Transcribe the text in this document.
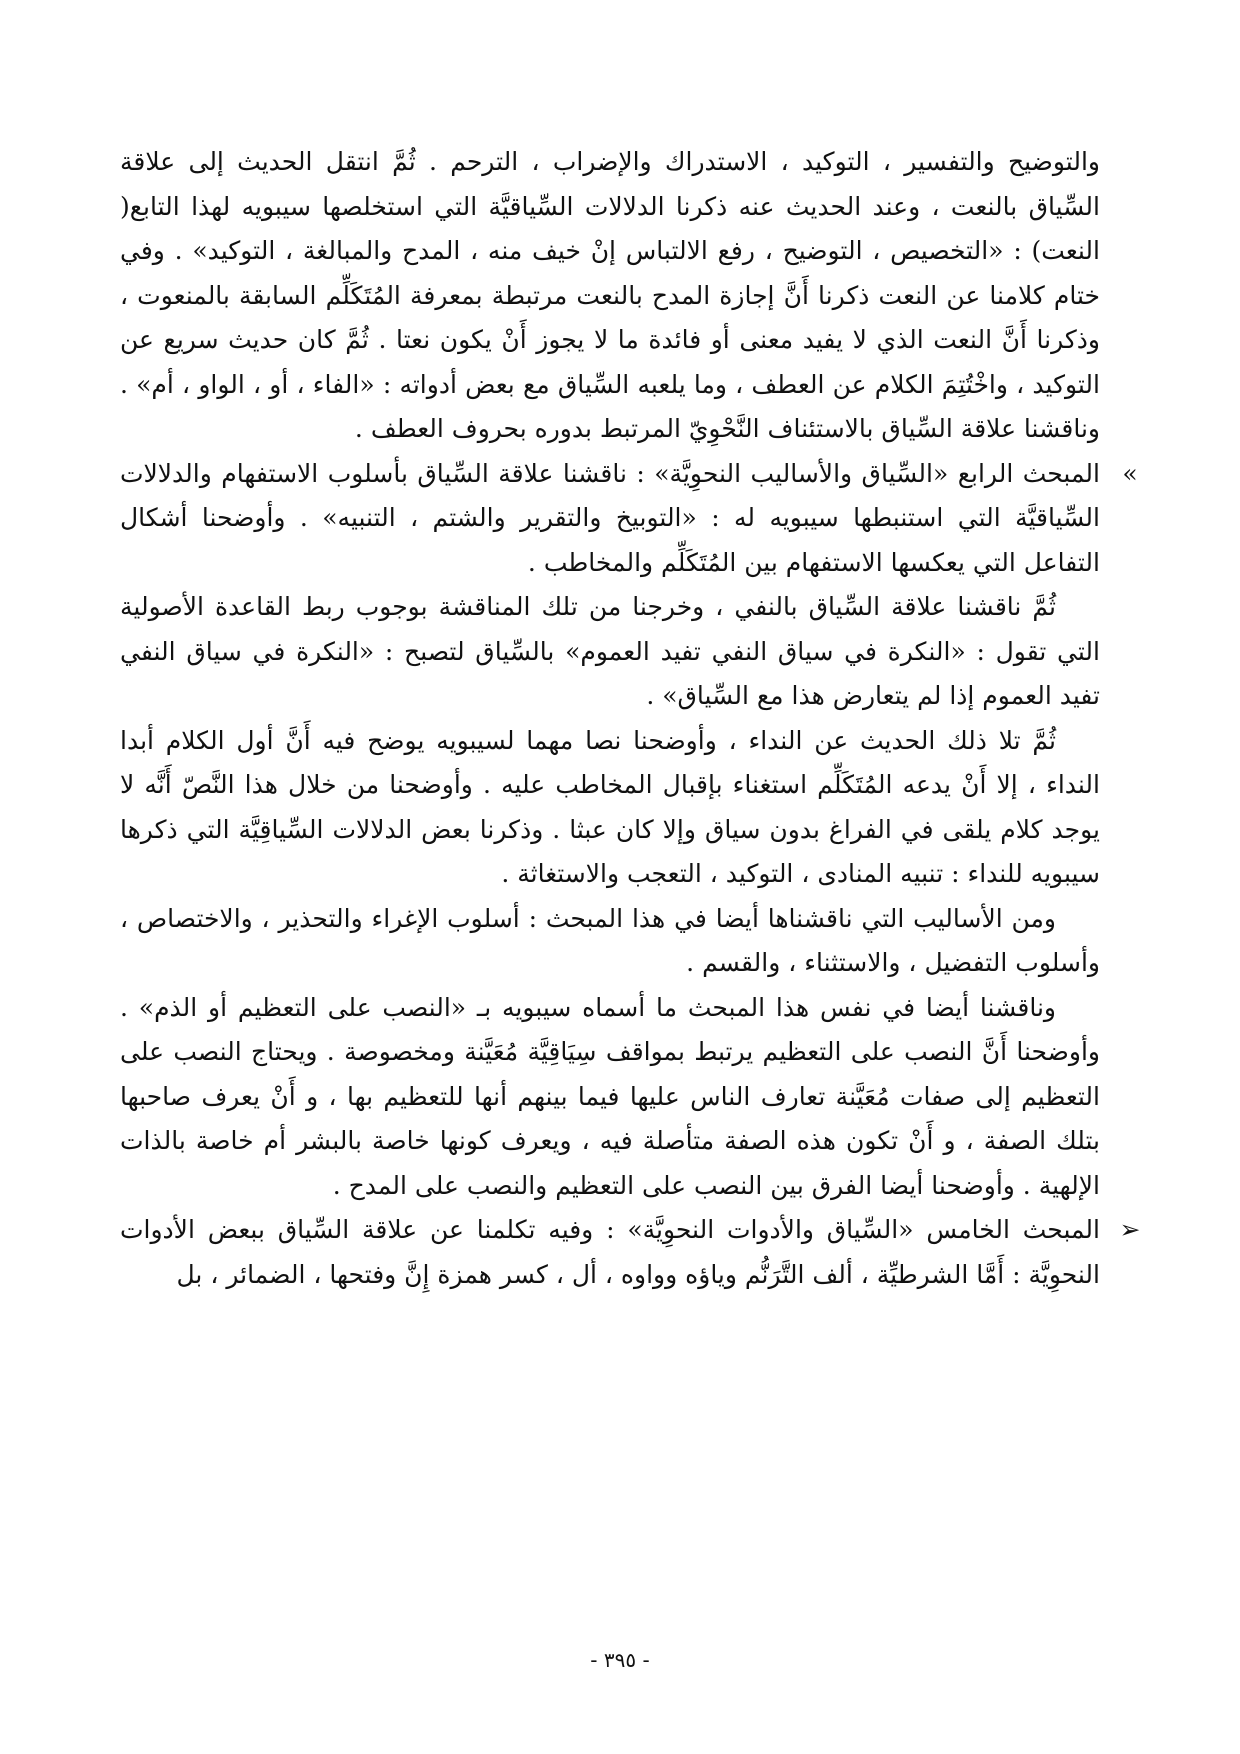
والتوضيح والتفسير ، التوكيد ، الاستدراك والإضراب ، الترحم . ثُمَّ انتقل الحديث إلى علاقة السِّياق بالنعت ، وعند الحديث عنه ذكرنا الدلالات السِّياقيَّة التي استخلصها سيبويه لهذا التابع( النعت) : «التخصيص ، التوضيح ، رفع الالتباس إنْ خيف منه ، المدح والمبالغة ، التوكيد» . وفي ختام كلامنا عن النعت ذكرنا أَنَّ إجازة المدح بالنعت مرتبطة بمعرفة المُتَكَلِّم السابقة بالمنعوت ، وذكرنا أَنَّ النعت الذي لا يفيد معنى أو فائدة ما لا يجوز أَنْ يكون نعتا . ثُمَّ كان حديث سريع عن التوكيد ، واخْتُتِمَ الكلام عن العطف ، وما يلعبه السِّياق مع بعض أدواته : «الفاء ، أو ، الواو ، أم» . وناقشنا علاقة السِّياق بالاستئناف النَّحْوِيّ المرتبط بدوره بحروف العطف .

»

المبحث الرابع «السِّياق والأساليب النحوِيَّة» : ناقشنا علاقة السِّياق بأسلوب الاستفهام والدلالات السِّياقيَّة التي استنبطها سيبويه له : «التوبيخ والتقرير والشتم ، التنبيه» . وأوضحنا أشكال التفاعل التي يعكسها الاستفهام بين المُتَكَلِّم والمخاطب .

ثُمَّ ناقشنا علاقة السِّياق بالنفي ، وخرجنا من تلك المناقشة بوجوب ربط القاعدة الأصولية التي تقول : «النكرة في سياق النفي تفيد العموم» بالسِّياق لتصبح : «النكرة في سياق النفي تفيد العموم إذا لم يتعارض هذا مع السِّياق» .

ثُمَّ تلا ذلك الحديث عن النداء ، وأوضحنا نصا مهما لسيبويه يوضح فيه أَنَّ أول الكلام أبدا النداء ، إلا أَنْ يدعه المُتَكَلِّم استغناء بإقبال المخاطب عليه . وأوضحنا من خلال هذا النَّصّ أَنَّه لا يوجد كلام يلقى في الفراغ بدون سياق وإلا كان عبثا . وذكرنا بعض الدلالات السِّياقِيَّة التي ذكرها سيبويه للنداء : تنبيه المنادى ، التوكيد ، التعجب والاستغاثة .

ومن الأساليب التي ناقشناها أيضا في هذا المبحث : أسلوب الإغراء والتحذير ، والاختصاص ، وأسلوب التفضيل ، والاستثناء ، والقسم .

وناقشنا أيضا في نفس هذا المبحث ما أسماه سيبويه بـ «النصب على التعظيم أو الذم» . وأوضحنا أَنَّ النصب على التعظيم يرتبط بمواقف سِيَاقِيَّة مُعَيَّنة ومخصوصة . ويحتاج النصب على التعظيم إلى صفات مُعَيَّنة تعارف الناس عليها فيما بينهم أنها للتعظيم بها ، و أَنْ يعرف صاحبها بتلك الصفة ، و أَنْ تكون هذه الصفة متأصلة فيه ، ويعرف كونها خاصة بالبشر أم خاصة بالذات الإلهية . وأوضحنا أيضا الفرق بين النصب على التعظيم والنصب على المدح .

➢

المبحث الخامس «السِّياق والأدوات النحوِيَّة» : وفيه تكلمنا عن علاقة السِّياق ببعض الأدوات النحوِيَّة : أَمَّا الشرطيِّة ، ألف التَّرَنُّم وياؤه وواوه ، أل ، كسر همزة إِنَّ وفتحها ، الضمائر ، بل

- ٣٩٥ -
